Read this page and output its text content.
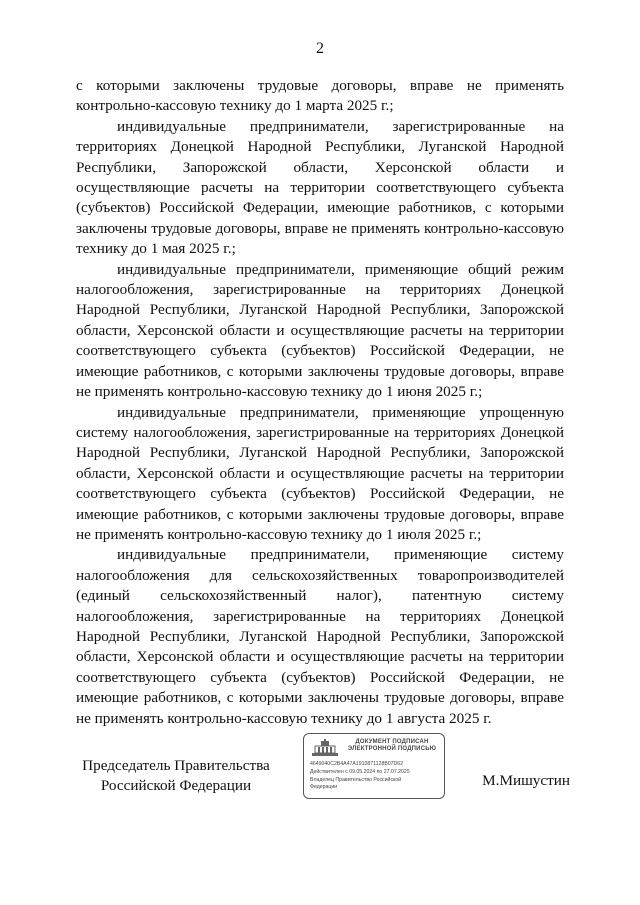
2

с которыми заключены трудовые договоры, вправе не применять контрольно-кассовую технику до 1 марта 2025 г.;

индивидуальные предприниматели, зарегистрированные на территориях Донецкой Народной Республики, Луганской Народной Республики, Запорожской области, Херсонской области и осуществляющие расчеты на территории соответствующего субъекта (субъектов) Российской Федерации, имеющие работников, с которыми заключены трудовые договоры, вправе не применять контрольно-кассовую технику до 1 мая 2025 г.;

индивидуальные предприниматели, применяющие общий режим налогообложения, зарегистрированные на территориях Донецкой Народной Республики, Луганской Народной Республики, Запорожской области, Херсонской области и осуществляющие расчеты на территории соответствующего субъекта (субъектов) Российской Федерации, не имеющие работников, с которыми заключены трудовые договоры, вправе не применять контрольно-кассовую технику до 1 июня 2025 г.;

индивидуальные предприниматели, применяющие упрощенную систему налогообложения, зарегистрированные на территориях Донецкой Народной Республики, Луганской Народной Республики, Запорожской области, Херсонской области и осуществляющие расчеты на территории соответствующего субъекта (субъектов) Российской Федерации, не имеющие работников, с которыми заключены трудовые договоры, вправе не применять контрольно-кассовую технику до 1 июля 2025 г.;

индивидуальные предприниматели, применяющие систему налогообложения для сельскохозяйственных товаропроизводителей (единый сельскохозяйственный налог), патентную систему налогообложения, зарегистрированные на территориях Донецкой Народной Республики, Луганской Народной Республики, Запорожской области, Херсонской области и осуществляющие расчеты на территории соответствующего субъекта (субъектов) Российской Федерации, не имеющие работников, с которыми заключены трудовые договоры, вправе не применять контрольно-кассовую технику до 1 августа 2025 г.

Председатель Правительства
Российской Федерации
ДОКУМЕНТ ПОДПИСАН
ЭЛЕКТРОННОЙ ПОДПИСЬЮ
4649040C2B4A47A1910871128B07D62
Действителен с 09.05.2024 по 27.07.2025
Владелец Правительство Российской
Федерации	М.Мишустин
